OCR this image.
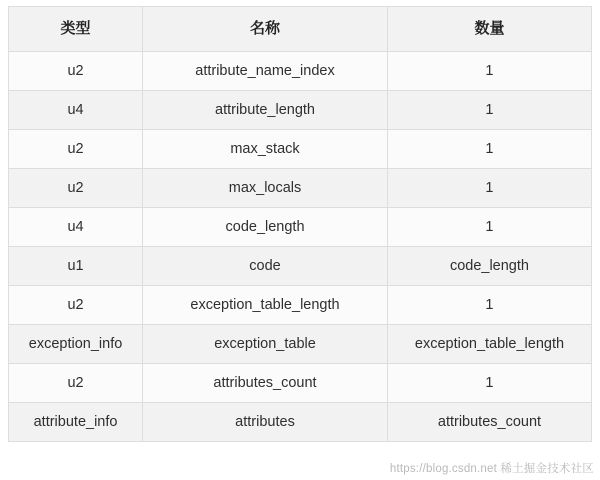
类型	名称	数量
u2	attribute_name_index	1
u4	attribute_length	1
u2	max_stack	1
u2	max_locals	1
u4	code_length	1
u1	code	code_length
u2	exception_table_length	1
exception_info	exception_table	exception_table_length
u2	attributes_count	1
attribute_info	attributes	attributes_count
https://blog.csdn.net 稀土掘金技术社区
